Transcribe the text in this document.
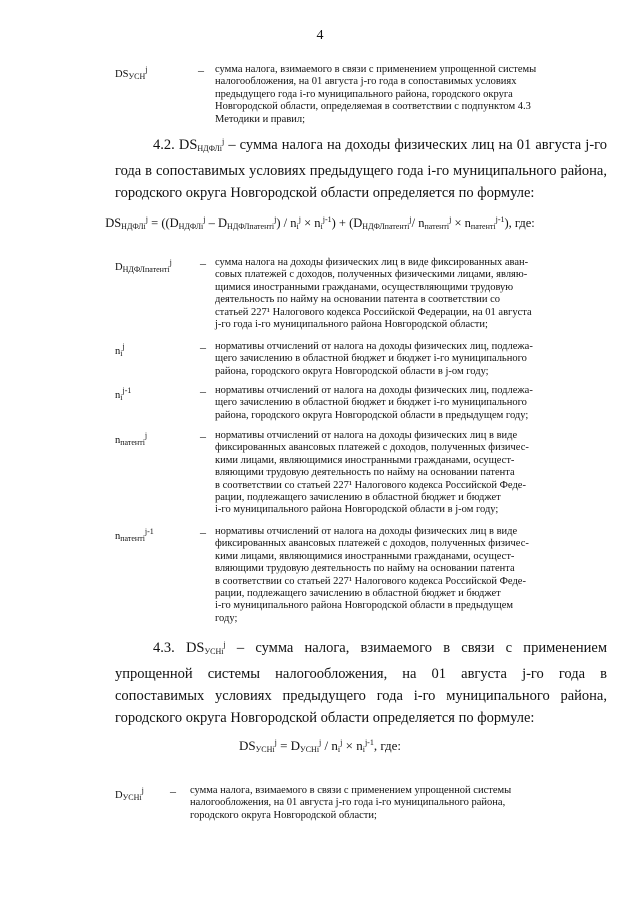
4
$DS_{УСН}^j$	–	сумма налога, взимаемого в связи с применением упрощенной системы
налогообложения, на 01 августа j-го года в сопоставимых условиях
предыдущего года i-го муниципального района, городского округа
Новгородской области, определяемая в соответствии с подпунктом 4.3
Методики и правил;

4.2. $DS_{НДФЛi}^j$ – сумма налога на доходы физических лиц на 01 августа j-го года в сопоставимых условиях предыдущего года i-го муниципального района, городского округа Новгородской области определяется по формуле:

$DS_{НДФЛi}^j = ((D_{НДФЛi}^j - D_{НДФЛпатентi}^j) / n_i^j \times n_i^{j-1}) + (D_{НДФЛпатентi}^j/$ $n_{патентi}^j \times n_{патентi}^{j-1}$), где:
$D_{НДФЛпатентi}^j$	– сумма налога на доходы физических лиц в виде фиксированных аван-
совых платежей с доходов, полученных физическими лицами, являю-
щимися иностранными гражданами, осуществляющими трудовую
деятельность по найму на основании патента в соответствии со
статьей 227¹ Налогового кодекса Российской Федерации, на 01 августа
j-го года i-го муниципального района Новгородской области;
$n_i^j$	– нормативы отчислений от налога на доходы физических лиц, подлежа-
щего зачислению в областной бюджет и бюджет i-го муниципального
района, городского округа Новгородской области в j-ом году;
$n_i^{j-1}$	– нормативы отчислений от налога на доходы физических лиц, подлежа-
щего зачислению в областной бюджет и бюджет i-го муниципального
района, городского округа Новгородской области в предыдущем году;
$n_{патентi}^j$	– нормативы отчислений от налога на доходы физических лиц в виде
фиксированных авансовых платежей с доходов, полученных физичес-
кими лицами, являющимися иностранными гражданами, осущест-
вляющими трудовую деятельность по найму на основании патента
в соответствии со статьей 227¹ Налогового кодекса Российской Феде-
рации, подлежащего зачислению в областной бюджет и бюджет
i-го муниципального района Новгородской области в j-ом году;
$n_{патентi}^{j-1}$	– нормативы отчислений от налога на доходы физических лиц в виде
фиксированных авансовых платежей с доходов, полученных физичес-
кими лицами, являющимися иностранными гражданами, осущест-
вляющими трудовую деятельность по найму на основании патента
в соответствии со статьей 227¹ Налогового кодекса Российской Феде-
рации, подлежащего зачислению в областной бюджет и бюджет
i-го муниципального района Новгородской области в предыдущем
году;

4.3. $DS_{УСНi}^j$ – сумма налога, взимаемого в связи с применением упрощенной системы налогообложения, на 01 августа j-го года в сопоставимых условиях предыдущего года i-го муниципального района, городского округа Новгородской области определяется по формуле:

$DS_{УСНi}^j = D_{УСНi}^j / n_i^j \times n_i^{j-1}$, где:
$D_{УСНi}^j$	–	сумма налога, взимаемого в связи с применением упрощенной системы
налогообложения, на 01 августа j-го года i-го муниципального района,
городского округа Новгородской области;
